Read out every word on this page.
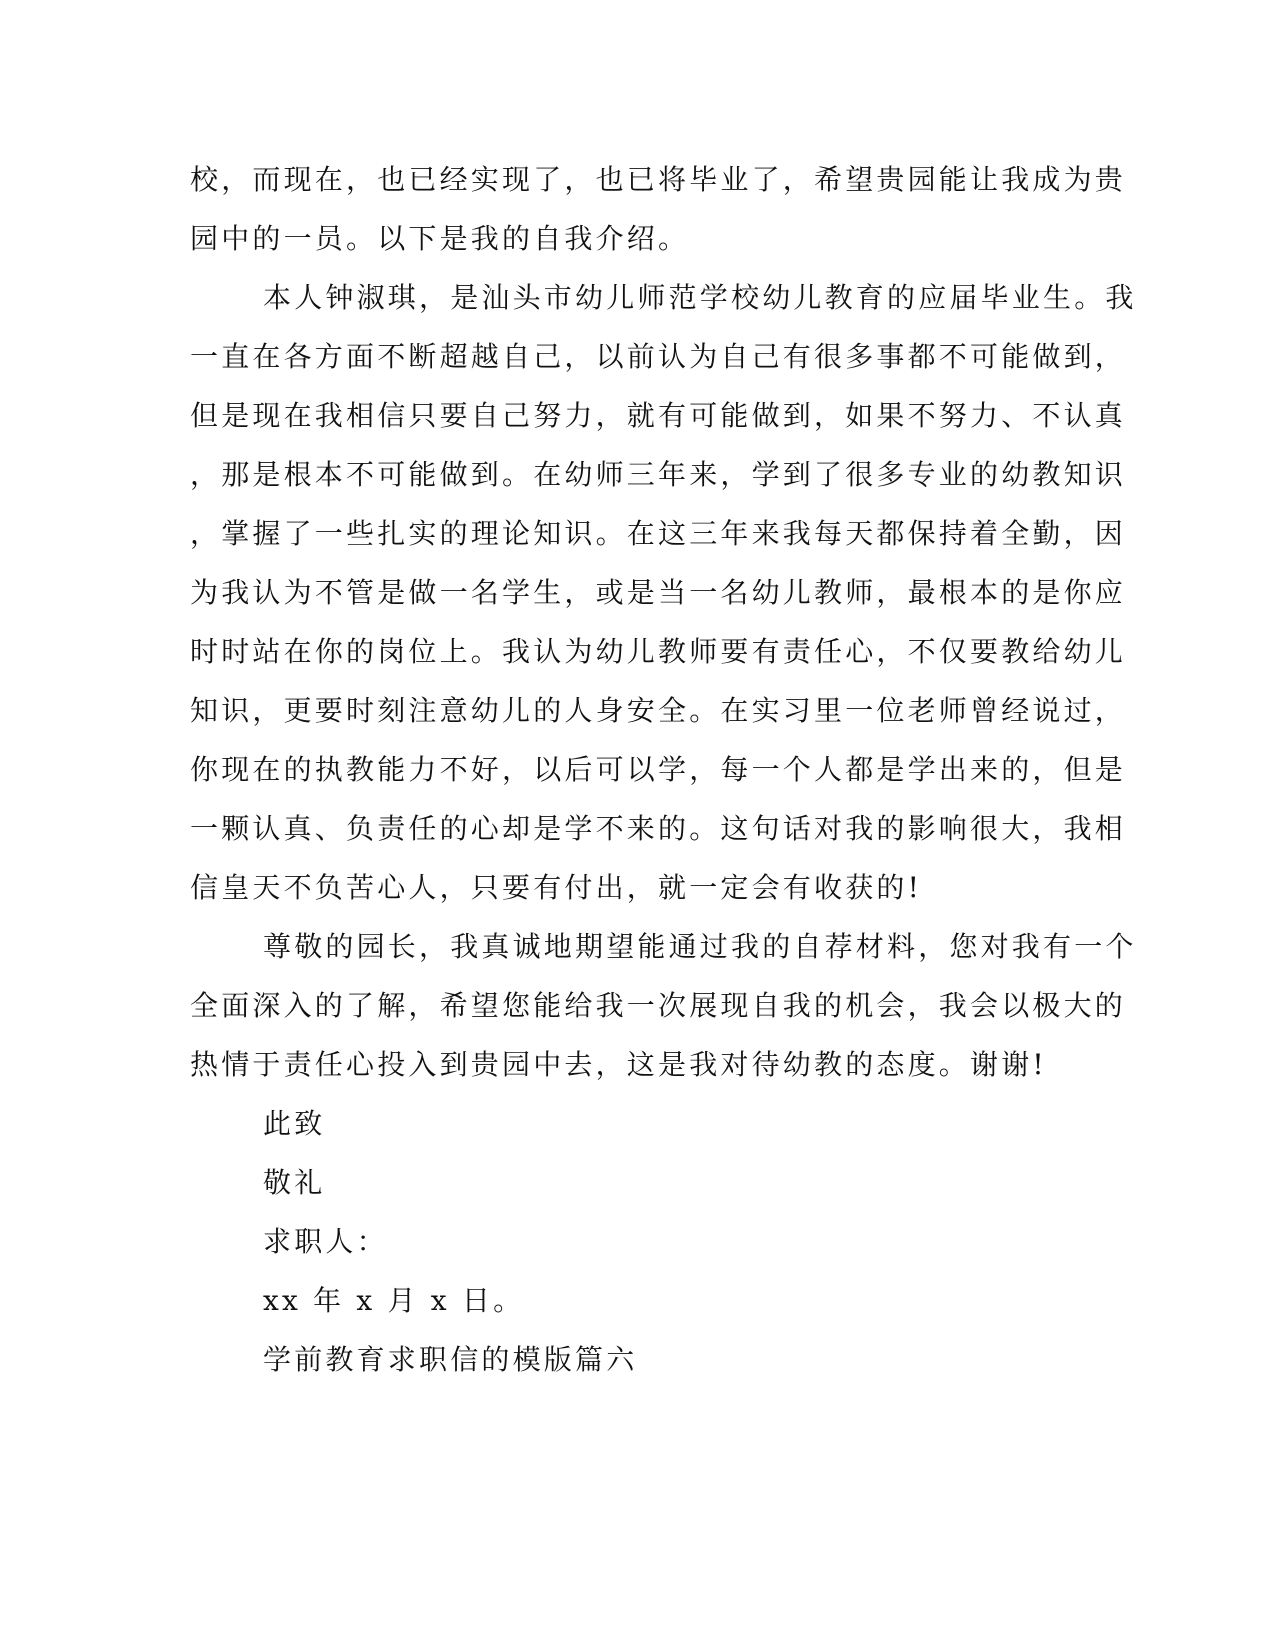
校，而现在，也已经实现了，也已将毕业了，希望贵园能让我成为贵

园中的一员。以下是我的自我介绍。

本人钟淑琪，是汕头市幼儿师范学校幼儿教育的应届毕业生。我

一直在各方面不断超越自己，以前认为自己有很多事都不可能做到，

但是现在我相信只要自己努力，就有可能做到，如果不努力、不认真

，那是根本不可能做到。在幼师三年来，学到了很多专业的幼教知识

，掌握了一些扎实的理论知识。在这三年来我每天都保持着全勤，因

为我认为不管是做一名学生，或是当一名幼儿教师，最根本的是你应

时时站在你的岗位上。我认为幼儿教师要有责任心，不仅要教给幼儿

知识，更要时刻注意幼儿的人身安全。在实习里一位老师曾经说过，

你现在的执教能力不好，以后可以学，每一个人都是学出来的，但是

一颗认真、负责任的心却是学不来的。这句话对我的影响很大，我相

信皇天不负苦心人，只要有付出，就一定会有收获的!

尊敬的园长，我真诚地期望能通过我的自荐材料，您对我有一个

全面深入的了解，希望您能给我一次展现自我的机会，我会以极大的

热情于责任心投入到贵园中去，这是我对待幼教的态度。谢谢!

此致

敬礼

求职人：

xx 年 x 月 x 日。

学前教育求职信的模版篇六
